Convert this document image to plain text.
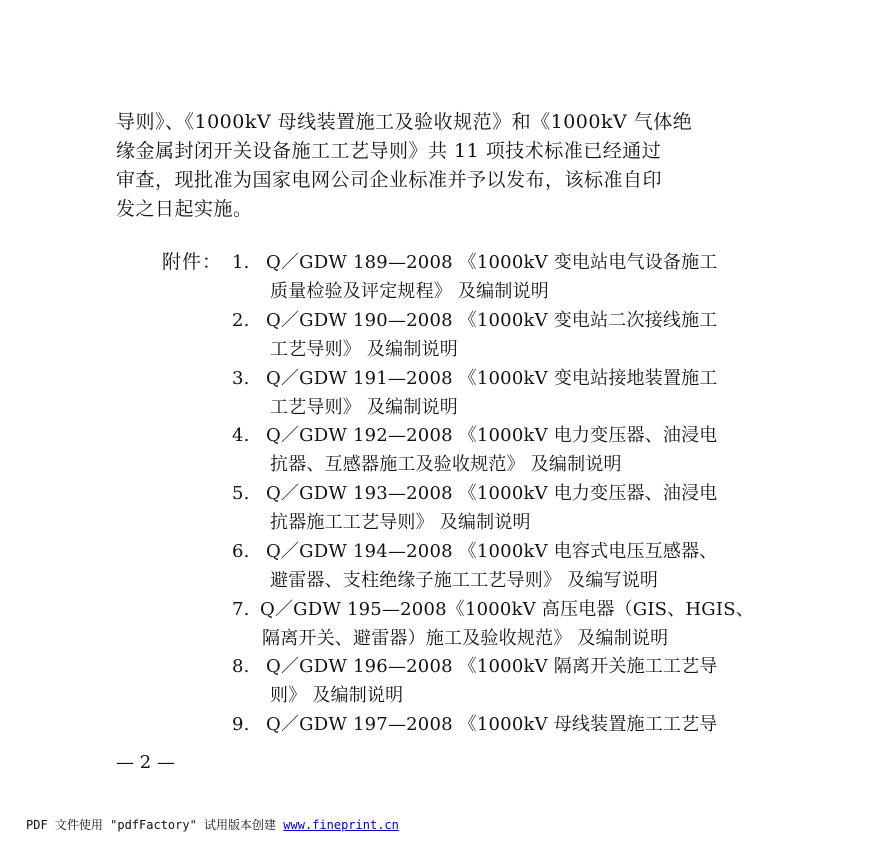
导则》、《1000kV 母线装置施工及验收规范》和《1000kV 气体绝
缘金属封闭开关设备施工工艺导则》共 11 项技术标准已经通过
审查，现批准为国家电网公司企业标准并予以发布，该标准自印
发之日起实施。
附件： 1. Q／GDW 189—2008 《1000kV 变电站电气设备施工
质量检验及评定规程》 及编制说明
2. Q／GDW 190—2008 《1000kV 变电站二次接线施工
工艺导则》 及编制说明
3. Q／GDW 191—2008 《1000kV 变电站接地装置施工
工艺导则》 及编制说明
4. Q／GDW 192—2008 《1000kV 电力变压器、油浸电
抗器、互感器施工及验收规范》 及编制说明
5. Q／GDW 193—2008 《1000kV 电力变压器、油浸电
抗器施工工艺导则》 及编制说明
6. Q／GDW 194—2008 《1000kV 电容式电压互感器、
避雷器、支柱绝缘子施工工艺导则》 及编写说明
7. Q／GDW 195—2008《1000kV 高压电器（GIS、HGIS、
隔离开关、避雷器）施工及验收规范》 及编制说明
8. Q／GDW 196—2008 《1000kV 隔离开关施工工艺导
则》 及编制说明
9. Q／GDW 197—2008 《1000kV 母线装置施工工艺导
— 2 —
PDF 文件使用 "pdfFactory" 试用版本创建 www.fineprint.cn
